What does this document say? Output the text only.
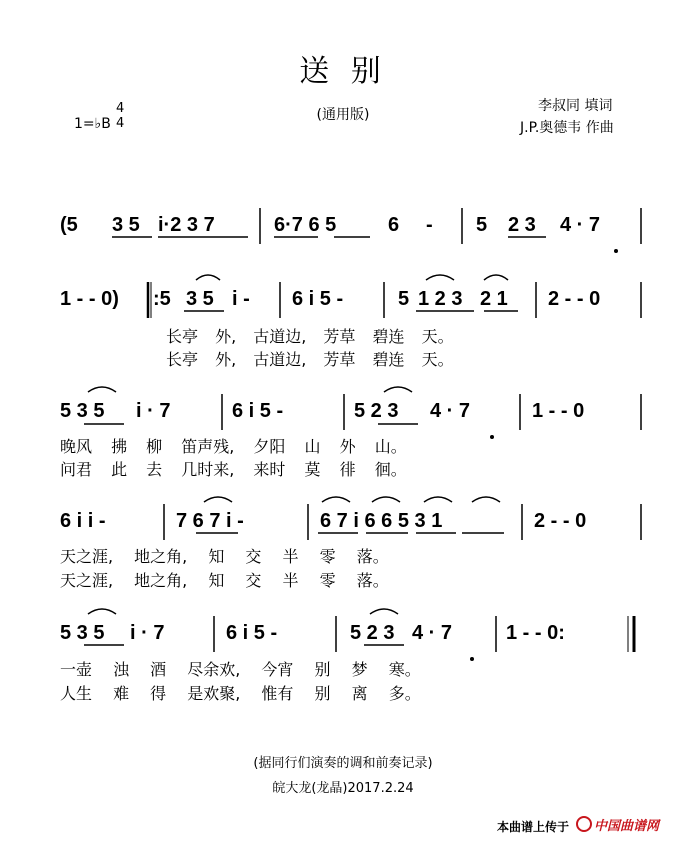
送 别
(通用版)
1=♭B
4
4
李叔同 填词
J.P.奥德韦 作曲
(5 3 5 i·2 3 7	6·7 6 5	6 - 5 2 3 4 · 7
1 - - 0) :5 3 5 i - 6 i 5 -	5 1 2 3 2 1 2 - - 0
长亭 外, 古道边, 芳草 碧连 天。
长亭 外, 古道边, 芳草 碧连 天。
5 3 5 i · 7	6 i 5 -	5 2 3 4 · 7	1 - - 0
晚风 拂 柳 笛声残, 夕阳 山 外 山。
问君 此 去 几时来, 来时 莫 徘 徊。
6 i i -	7 6 7 i -	6 7 i 6 6 5 3 1	2 - - 0
天之涯, 地之角, 知 交 半 零 落。
天之涯, 地之角, 知 交 半 零 落。
5 3 5 i · 7	6 i 5 -	5 2 3 4 · 7	1 - - 0:
一壶 浊 酒 尽余欢, 今宵 别 梦 寒。
人生 难 得 是欢聚, 惟有 别 离 多。
(据同行们演奏的调和前奏记录)
皖大龙(龙晶)2017.2.24
本曲谱上传于	中国曲谱网
